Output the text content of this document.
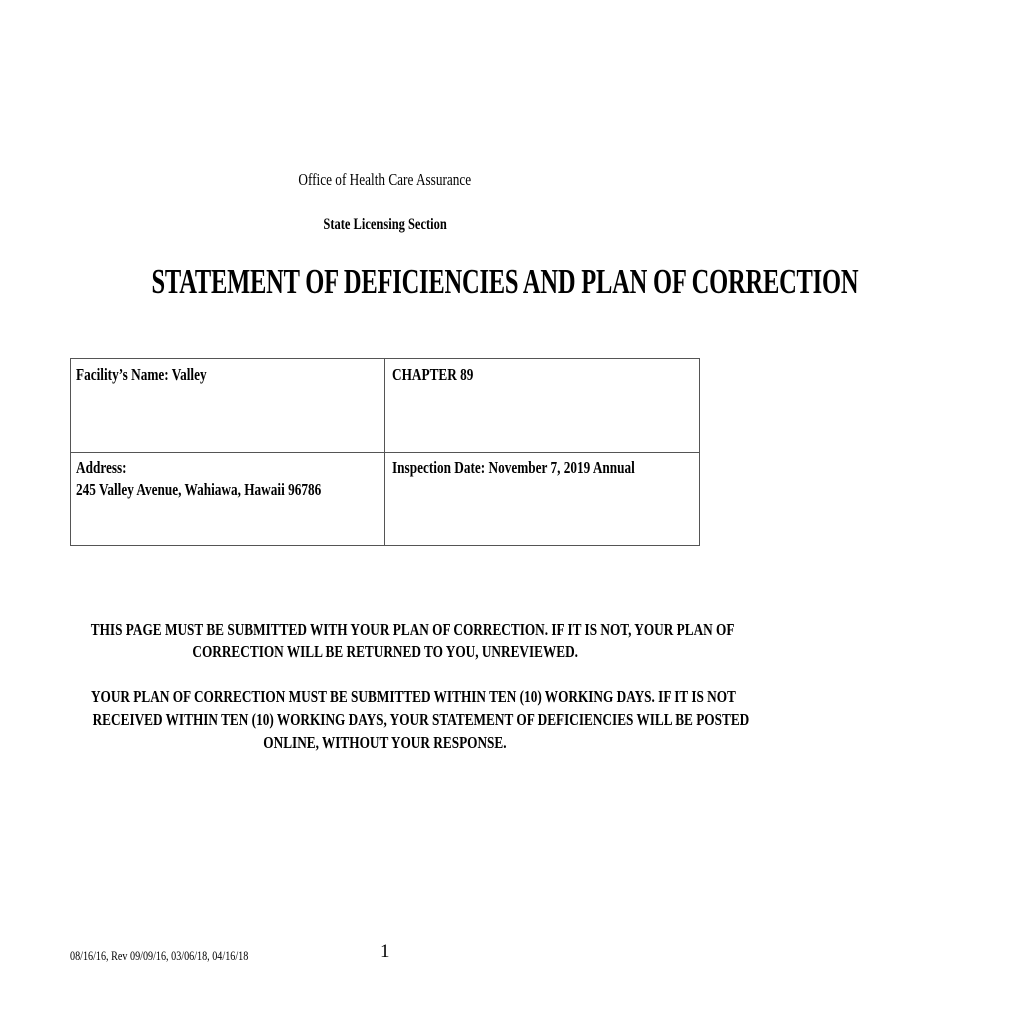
Office of Health Care Assurance
State Licensing Section
STATEMENT OF DEFICIENCIES AND PLAN OF CORRECTION
Facility’s Name: Valley	CHAPTER 89
Address:
245 Valley Avenue, Wahiawa, Hawaii 96786
Inspection Date: November 7, 2019 Annual
THIS PAGE MUST BE SUBMITTED WITH YOUR PLAN OF CORRECTION. IF IT IS NOT, YOUR PLAN OF
CORRECTION WILL BE RETURNED TO YOU, UNREVIEWED.
YOUR PLAN OF CORRECTION MUST BE SUBMITTED WITHIN TEN (10) WORKING DAYS. IF IT IS NOT
RECEIVED WITHIN TEN (10) WORKING DAYS, YOUR STATEMENT OF DEFICIENCIES WILL BE POSTED
ONLINE, WITHOUT YOUR RESPONSE.
08/16/16, Rev 09/09/16, 03/06/18, 04/16/18	1
